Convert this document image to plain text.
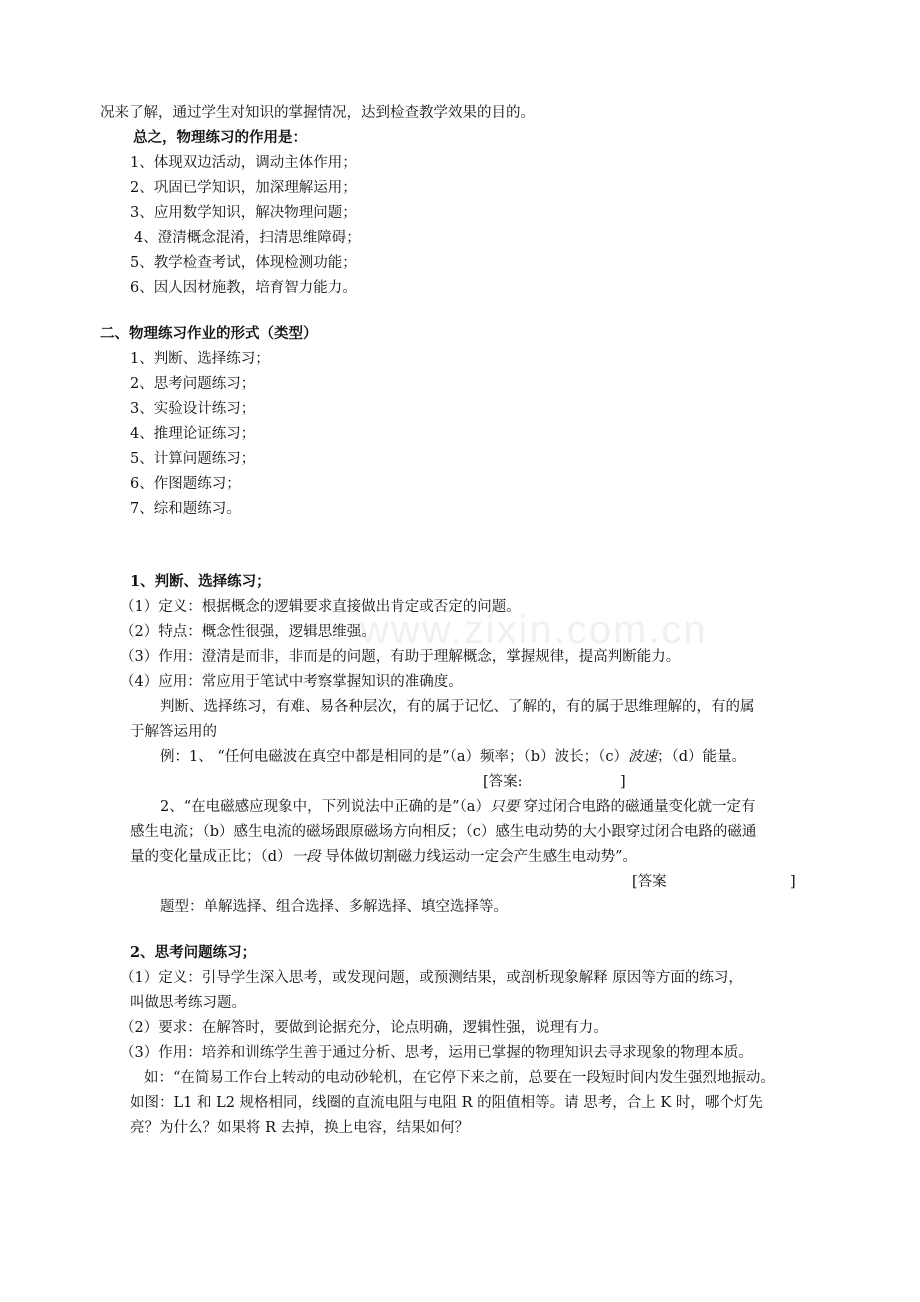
www.zixin.com.cn
况来了解，通过学生对知识的掌握情况，达到检查教学效果的目的。
总之，物理练习的作用是：
1、体现双边活动，调动主体作用；
2、巩固已学知识，加深理解运用；
3、应用数学知识，解决物理问题；
4、澄清概念混淆，扫清思维障碍；
5、教学检查考试，体现检测功能；
6、因人因材施教，培育智力能力。
二、物理练习作业的形式（类型）
1、判断、选择练习；
2、思考问题练习；
3、实验设计练习；
4、推理论证练习；
5、计算问题练习；
6、作图题练习；
7、综和题练习。
1、判断、选择练习；
（1）定义：根据概念的逻辑要求直接做出肯定或否定的问题。
（2）特点：概念性很强，逻辑思维强。
（3）作用：澄清是而非，非而是的问题，有助于理解概念，掌握规律，提高判断能力。
（4）应用：常应用于笔试中考察掌握知识的准确度。
判断、选择练习，有难、易各种层次，有的属于记忆、了解的，有的属于思维理解的，有的属
于解答运用的
例：1、 “任何电磁波在真空中都是相同的是”（a）频率；（b）波长；（c）波速；（d）能量。
[答案:	]
2、“在电磁感应现象中，下列说法中正确的是”（a）只要 穿过闭合电路的磁通量变化就一定有
感生电流；（b）感生电流的磁场跟原磁场方向相反；（c）感生电动势的大小跟穿过闭合电路的磁通
量的变化量成正比；（d）一段 导体做切割磁力线运动一定会产生感生电动势”。
[答案	]
题型：单解选择、组合选择、多解选择、填空选择等。
2、思考问题练习；
（1）定义：引导学生深入思考，或发现问题，或预测结果，或剖析现象解释 原因等方面的练习，
叫做思考练习题。
（2）要求：在解答时，要做到论据充分，论点明确，逻辑性强，说理有力。
（3）作用：培养和训练学生善于通过分析、思考，运用已掌握的物理知识去寻求现象的物理本质。
如：“在简易工作台上转动的电动砂轮机，在它停下来之前，总要在一段短时间内发生强烈地振动。
如图：L1 和 L2 规格相同，线圈的直流电阻与电阻 R 的阻值相等。请 思考，合上 K 时，哪个灯先
亮？为什么？如果将 R 去掉，换上电容，结果如何？
